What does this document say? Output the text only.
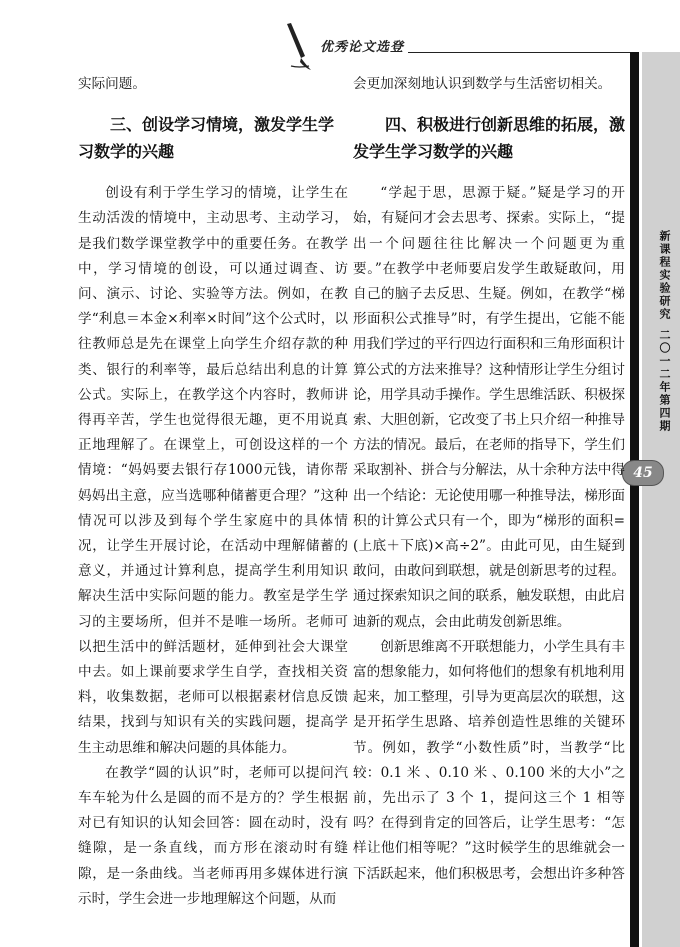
优秀论文选登
新课程实验研究
二〇一二年第四期
45

实际问题。

三、创设学习情境，激发学生学习数学的兴趣

创设有利于学生学习的情境，让学生在生动活泼的情境中，主动思考、主动学习，是我们数学课堂教学中的重要任务。在教学中，学习情境的创设，可以通过调查、访问、演示、讨论、实验等方法。例如，在教学“利息＝本金×利率×时间”这个公式时，以往教师总是先在课堂上向学生介绍存款的种类、银行的利率等，最后总结出利息的计算公式。实际上，在教学这个内容时，教师讲得再辛苦，学生也觉得很无趣，更不用说真正地理解了。在课堂上，可创设这样的一个情境：“妈妈要去银行存1000元钱，请你帮妈妈出主意，应当选哪种储蓄更合理？”这种情况可以涉及到每个学生家庭中的具体情况，让学生开展讨论，在活动中理解储蓄的意义，并通过计算利息，提高学生利用知识解决生活中实际问题的能力。教室是学生学习的主要场所，但并不是唯一场所。老师可以把生活中的鲜活题材，延伸到社会大课堂中去。如上课前要求学生自学，查找相关资料，收集数据，老师可以根据素材信息反馈结果，找到与知识有关的实践问题，提高学生主动思维和解决问题的具体能力。

在教学“圆的认识”时，老师可以提问汽车车轮为什么是圆的而不是方的？学生根据对已有知识的认知会回答：圆在动时，没有缝隙，是一条直线，而方形在滚动时有缝隙，是一条曲线。当老师再用多媒体进行演示时，学生会进一步地理解这个问题，从而

会更加深刻地认识到数学与生活密切相关。

四、积极进行创新思维的拓展，激发学生学习数学的兴趣

“学起于思，思源于疑。”疑是学习的开始，有疑问才会去思考、探索。实际上，“提出一个问题往往比解决一个问题更为重要。”在教学中老师要启发学生敢疑敢问，用自己的脑子去反思、生疑。例如，在教学“梯形面积公式推导”时，有学生提出，它能不能用我们学过的平行四边行面积和三角形面积计算公式的方法来推导？这种情形让学生分组讨论，用学具动手操作。学生思维活跃、积极探索、大胆创新，它改变了书上只介绍一种推导方法的情况。最后，在老师的指导下，学生们采取割补、拼合与分解法，从十余种方法中得出一个结论：无论使用哪一种推导法，梯形面积的计算公式只有一个，即为“梯形的面积=(上底＋下底)×高÷2”。由此可见，由生疑到敢问，由敢问到联想，就是创新思考的过程。通过探索知识之间的联系，触发联想，由此启迪新的观点，会由此萌发创新思维。

创新思维离不开联想能力，小学生具有丰富的想象能力，如何将他们的想象有机地利用起来，加工整理，引导为更高层次的联想，这是开拓学生思路、培养创造性思维的关键环节。例如，教学“小数性质”时，当教学“比较：0.1 米 、0.10 米 、0.100 米的大小”之前，先出示了 3 个 1，提问这三个 1 相等吗？在得到肯定的回答后，让学生思考：“怎样让他们相等呢？”这时候学生的思维就会一下活跃起来，他们积极思考，会想出许多种答
